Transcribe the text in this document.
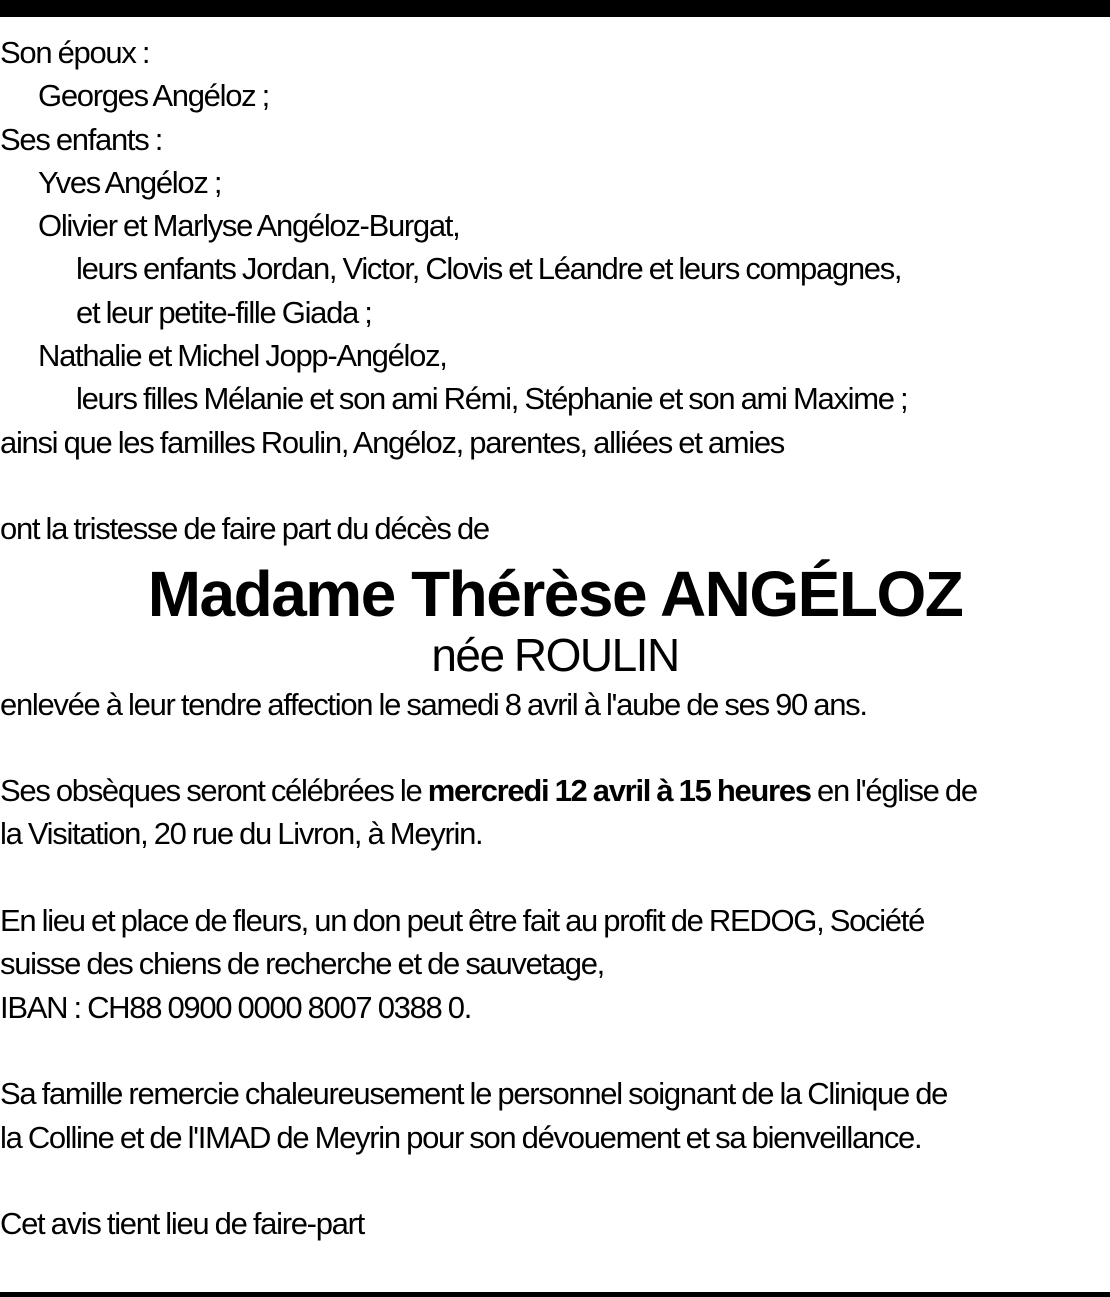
Son époux :
Georges Angéloz ;
Ses enfants :
Yves Angéloz ;
Olivier et Marlyse Angéloz-Burgat,
leurs enfants Jordan, Victor, Clovis et Léandre et leurs compagnes,
et leur petite-fille Giada ;
Nathalie et Michel Jopp-Angéloz,
leurs filles Mélanie et son ami Rémi, Stéphanie et son ami Maxime ;
ainsi que les familles Roulin, Angéloz, parentes, alliées et amies
ont la tristesse de faire part du décès de
Madame Thérèse ANGÉLOZ
née ROULIN
enlevée à leur tendre affection le samedi 8 avril à l'aube de ses 90 ans.
Ses obsèques seront célébrées le mercredi 12 avril à 15 heures en l'église de
la Visitation, 20 rue du Livron, à Meyrin.
En lieu et place de fleurs, un don peut être fait au profit de REDOG, Société
suisse des chiens de recherche et de sauvetage,
IBAN : CH88 0900 0000 8007 0388 0.
Sa famille remercie chaleureusement le personnel soignant de la Clinique de
la Colline et de l'IMAD de Meyrin pour son dévouement et sa bienveillance.
Cet avis tient lieu de faire-part
